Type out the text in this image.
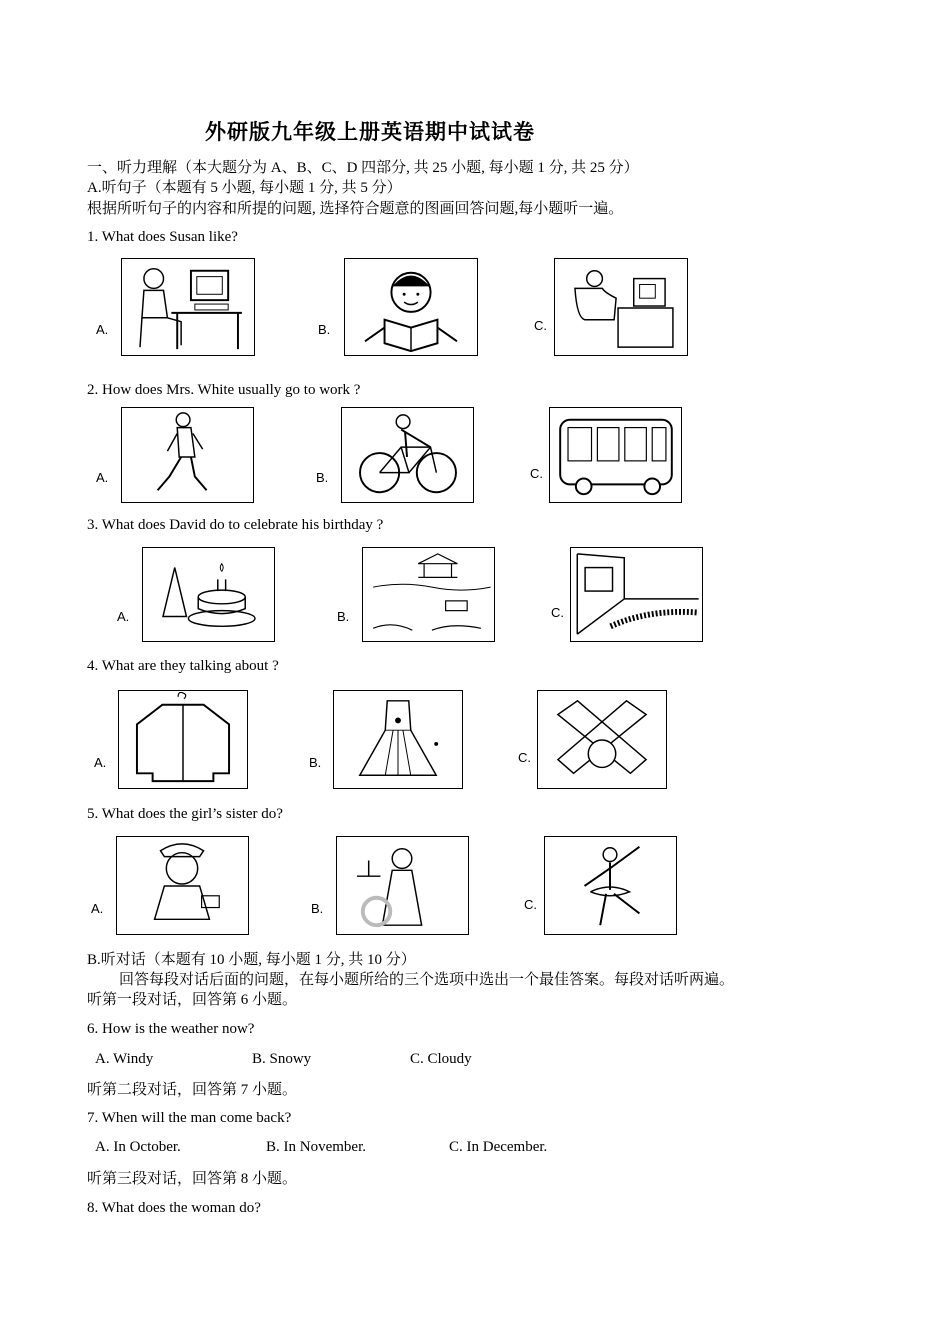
外研版九年级上册英语期中试试卷
一、听力理解（本大题分为 A、B、C、D 四部分, 共 25 小题, 每小题 1 分, 共 25 分）
A.听句子（本题有 5 小题, 每小题 1 分, 共 5 分）
根据所听句子的内容和所提的问题, 选择符合题意的图画回答问题,每小题听一遍。
1. What does Susan like?
A.	B.	C.
2. How does Mrs. White usually go to work ?
A.	B.	C.
3. What does David do to celebrate his birthday ?
A.	B.	C.
4. What are they talking about ?
A.	B.	C.
5. What does the girl’s sister do?
A.	B.	C.
B.听对话（本题有 10 小题, 每小题 1 分, 共 10 分）
回答每段对话后面的问题，在每小题所给的三个选项中选出一个最佳答案。每段对话听两遍。
听第一段对话，回答第 6 小题。
6. How is the weather now?
A. Windy	B. Snowy	C. Cloudy
听第二段对话，回答第 7 小题。
7. When will the man come back?
A. In October.	B. In November.	C. In December.
听第三段对话，回答第 8 小题。
8. What does the woman do?
